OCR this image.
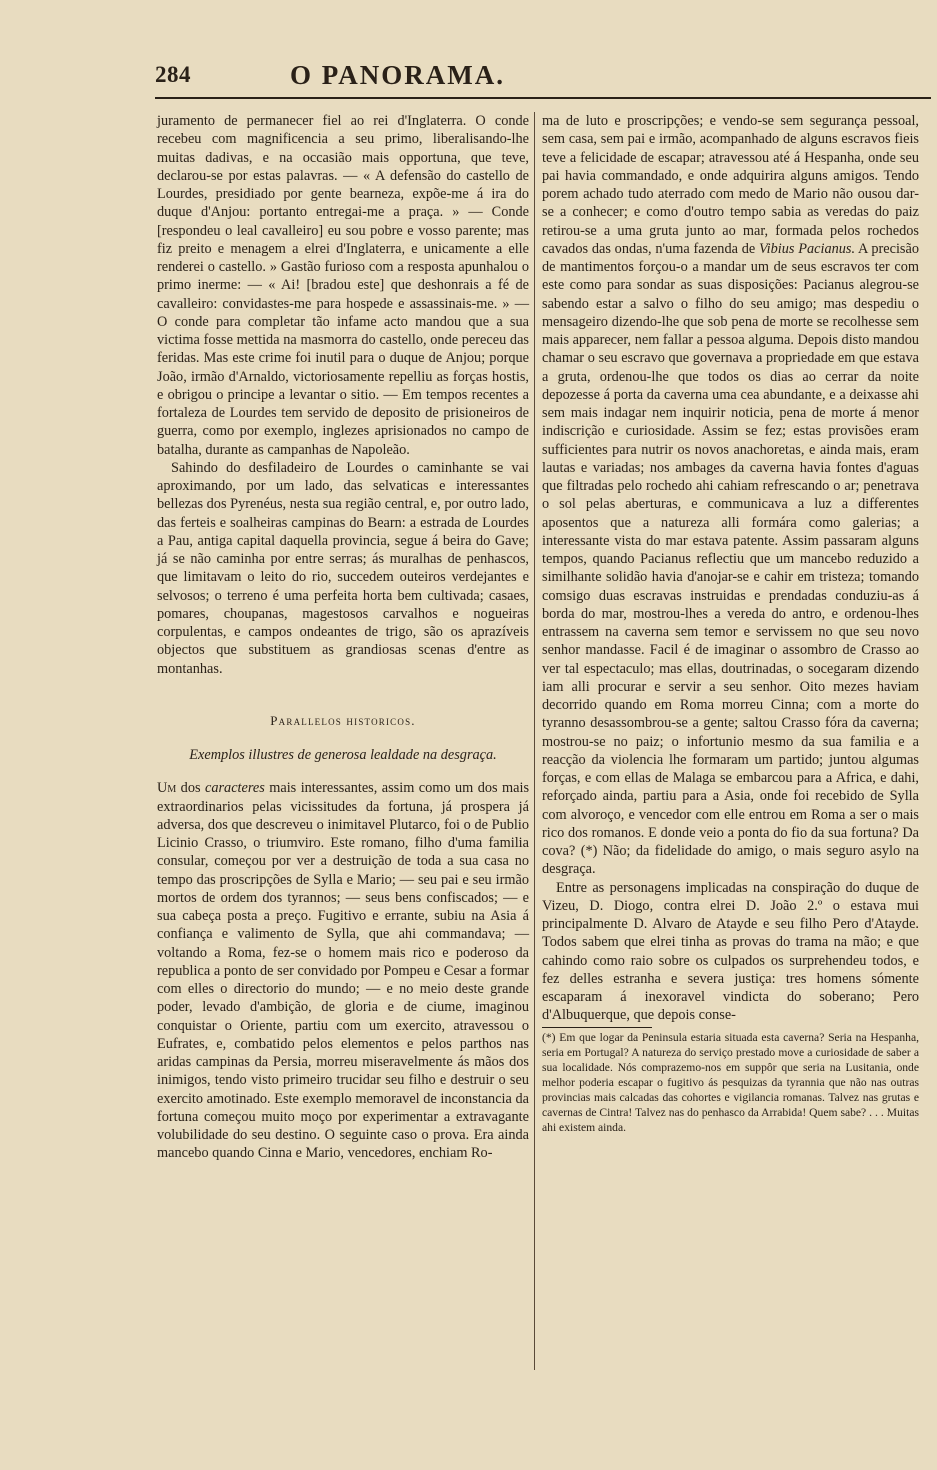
284	O PANORAMA.

juramento de permanecer fiel ao rei d'Inglaterra. O conde recebeu com magnificencia a seu primo, liberalisando-lhe muitas dadivas, e na occasião mais opportuna, que teve, declarou-se por estas palavras. — « A defensão do castello de Lourdes, presidiado por gente bearneza, expõe-me á ira do duque d'Anjou: portanto entregai-me a praça. » — Conde [respondeu o leal cavalleiro] eu sou pobre e vosso parente; mas fiz preito e menagem a elrei d'Inglaterra, e unicamente a elle renderei o castello. » Gastão furioso com a resposta apunhalou o primo inerme: — « Ai! [bradou este] que deshonrais a fé de cavalleiro: convidastes-me para hospede e assassinais-me. » — O conde para completar tão infame acto mandou que a sua victima fosse mettida na masmorra do castello, onde pereceu das feridas. Mas este crime foi inutil para o duque de Anjou; porque João, irmão d'Arnaldo, victoriosamente repelliu as forças hostis, e obrigou o principe a levantar o sitio. — Em tempos recentes a fortaleza de Lourdes tem servido de deposito de prisioneiros de guerra, como por exemplo, inglezes aprisionados no campo de batalha, durante as campanhas de Napoleão.

Sahindo do desfiladeiro de Lourdes o caminhante se vai aproximando, por um lado, das selvaticas e interessantes bellezas dos Pyrenéus, nesta sua região central, e, por outro lado, das ferteis e soalheiras campinas do Bearn: a estrada de Lourdes a Pau, antiga capital daquella provincia, segue á beira do Gave; já se não caminha por entre serras; ás muralhas de penhascos, que limitavam o leito do rio, succedem outeiros verdejantes e selvosos; o terreno é uma perfeita horta bem cultivada; casaes, pomares, choupanas, magestosos carvalhos e nogueiras corpulentas, e campos ondeantes de trigo, são os aprazíveis objectos que substituem as grandiosas scenas d'entre as montanhas.

Parallelos historicos.

Exemplos illustres de generosa lealdade na desgraça.

Um dos caracteres mais interessantes, assim como um dos mais extraordinarios pelas vicissitudes da fortuna, já prospera já adversa, dos que descreveu o inimitavel Plutarco, foi o de Publio Licinio Crasso, o triumviro. Este romano, filho d'uma familia consular, começou por ver a destruição de toda a sua casa no tempo das proscripções de Sylla e Mario; — seu pai e seu irmão mortos de ordem dos tyrannos; — seus bens confiscados; — e sua cabeça posta a preço. Fugitivo e errante, subiu na Asia á confiança e valimento de Sylla, que ahi commandava; — voltando a Roma, fez-se o homem mais rico e poderoso da republica a ponto de ser convidado por Pompeu e Cesar a formar com elles o directorio do mundo; — e no meio deste grande poder, levado d'ambição, de gloria e de ciume, imaginou conquistar o Oriente, partiu com um exercito, atravessou o Eufrates, e, combatido pelos elementos e pelos parthos nas aridas campinas da Persia, morreu miseravelmente ás mãos dos inimigos, tendo visto primeiro trucidar seu filho e destruir o seu exercito amotinado. Este exemplo memoravel de inconstancia da fortuna começou muito moço por experimentar a extravagante volubilidade do seu destino. O seguinte caso o prova. Era ainda mancebo quando Cinna e Mario, vencedores, enchiam Ro-

ma de luto e proscripções; e vendo-se sem segurança pessoal, sem casa, sem pai e irmão, acompanhado de alguns escravos fieis teve a felicidade de escapar; atravessou até á Hespanha, onde seu pai havia commandado, e onde adquirira alguns amigos. Tendo porem achado tudo aterrado com medo de Mario não ousou dar-se a conhecer; e como d'outro tempo sabia as veredas do paiz retirou-se a uma gruta junto ao mar, formada pelos rochedos cavados das ondas, n'uma fazenda de Vibius Pacianus. A precisão de mantimentos forçou-o a mandar um de seus escravos ter com este como para sondar as suas disposições: Pacianus alegrou-se sabendo estar a salvo o filho do seu amigo; mas despediu o mensageiro dizendo-lhe que sob pena de morte se recolhesse sem mais apparecer, nem fallar a pessoa alguma. Depois disto mandou chamar o seu escravo que governava a propriedade em que estava a gruta, ordenou-lhe que todos os dias ao cerrar da noite depozesse á porta da caverna uma cea abundante, e a deixasse ahi sem mais indagar nem inquirir noticia, pena de morte á menor indiscrição e curiosidade. Assim se fez; estas provisões eram sufficientes para nutrir os novos anachoretas, e ainda mais, eram lautas e variadas; nos ambages da caverna havia fontes d'aguas que filtradas pelo rochedo ahi cahiam refrescando o ar; penetrava o sol pelas aberturas, e communicava a luz a differentes aposentos que a natureza alli formára como galerias; a interessante vista do mar estava patente. Assim passaram alguns tempos, quando Pacianus reflectiu que um mancebo reduzido a similhante solidão havia d'anojar-se e cahir em tristeza; tomando comsigo duas escravas instruidas e prendadas conduziu-as á borda do mar, mostrou-lhes a vereda do antro, e ordenou-lhes entrassem na caverna sem temor e servissem no que seu novo senhor mandasse. Facil é de imaginar o assombro de Crasso ao ver tal espectaculo; mas ellas, doutrinadas, o socegaram dizendo iam alli procurar e servir a seu senhor. Oito mezes haviam decorrido quando em Roma morreu Cinna; com a morte do tyranno desassombrou-se a gente; saltou Crasso fóra da caverna; mostrou-se no paiz; o infortunio mesmo da sua familia e a reacção da violencia lhe formaram um partido; juntou algumas forças, e com ellas de Malaga se embarcou para a Africa, e dahi, reforçado ainda, partiu para a Asia, onde foi recebido de Sylla com alvoroço, e vencedor com elle entrou em Roma a ser o mais rico dos romanos. E donde veio a ponta do fio da sua fortuna? Da cova? (*) Não; da fidelidade do amigo, o mais seguro asylo na desgraça.

Entre as personagens implicadas na conspiração do duque de Vizeu, D. Diogo, contra elrei D. João 2.º o estava mui principalmente D. Alvaro de Atayde e seu filho Pero d'Atayde. Todos sabem que elrei tinha as provas do trama na mão; e que cahindo como raio sobre os culpados os surprehendeu todos, e fez delles estranha e severa justiça: tres homens sómente escaparam á inexoravel vindicta do soberano; Pero d'Albuquerque, que depois conse-

(*) Em que logar da Peninsula estaria situada esta caverna? Seria na Hespanha, seria em Portugal? A natureza do serviço prestado move a curiosidade de saber a sua localidade. Nós comprazemo-nos em suppôr que seria na Lusitania, onde melhor poderia escapar o fugitivo ás pesquizas da tyrannia que não nas outras provincias mais calcadas das cohortes e vigilancia romanas. Talvez nas grutas e cavernas de Cintra! Talvez nas do penhasco da Arrabida! Quem sabe? . . . Muitas ahi existem ainda.
